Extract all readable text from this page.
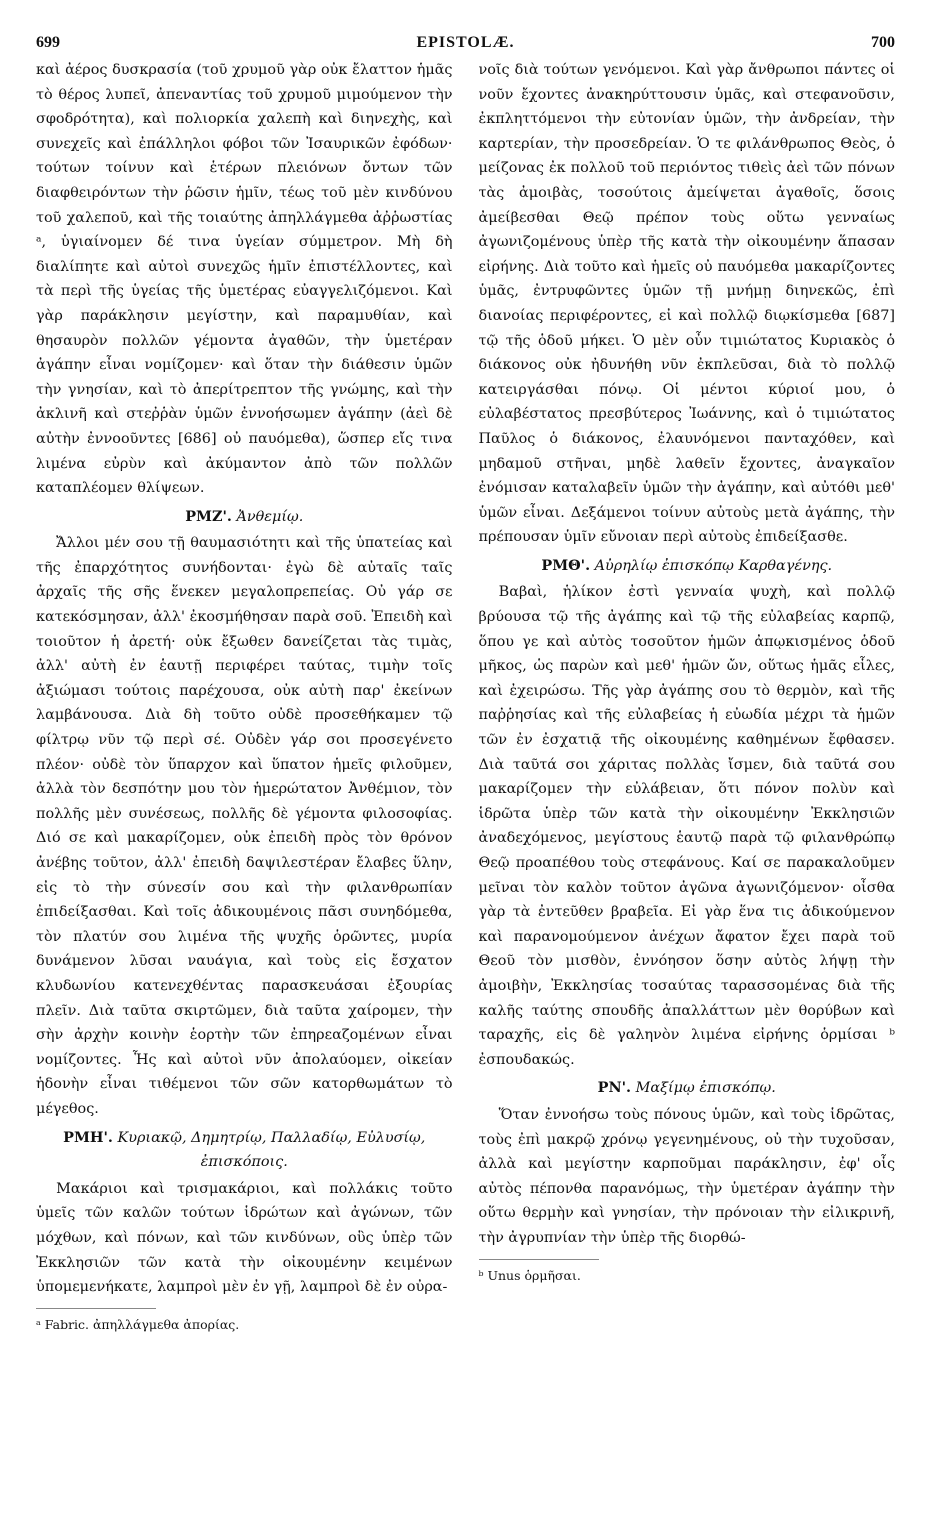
699	EPISTOLÆ.	700

καὶ ἀέρος δυσκρασία (τοῦ χρυμοῦ γὰρ οὐκ ἔλαττον ἡμᾶς τὸ θέρος λυπεῖ, ἀπεναντίας τοῦ χρυμοῦ μιμούμενον τὴν σφοδρότητα), καὶ πολιορκία χαλεπὴ καὶ διηνεχὴς, καὶ συνεχεῖς καὶ ἐπάλληλοι φόβοι τῶν Ἰσαυρικῶν ἐφόδων· τούτων τοίνυν καὶ ἑτέρων πλειόνων ὄντων τῶν διαφθειρόντων τὴν ῥῶσιν ἡμῖν, τέως τοῦ μὲν κινδύνου τοῦ χαλεποῦ, καὶ τῆς τοιαύτης ἀπηλλάγμεθα ἀῤῥωστίας ᵃ, ὑγιαίνομεν δέ τινα ὑγείαν σύμμετρον. Μὴ δὴ διαλίπητε καὶ αὐτοὶ συνεχῶς ἡμῖν ἐπιστέλλοντες, καὶ τὰ περὶ τῆς ὑγείας τῆς ὑμετέρας εὐαγγελιζόμενοι. Καὶ γὰρ παράκλησιν μεγίστην, καὶ παραμυθίαν, καὶ θησαυρὸν πολλῶν γέμοντα ἀγαθῶν, τὴν ὑμετέραν ἀγάπην εἶναι νομίζομεν· καὶ ὅταν τὴν διάθεσιν ὑμῶν τὴν γνησίαν, καὶ τὸ ἀπερίτρεπτον τῆς γνώμης, καὶ τὴν ἀκλινῆ καὶ στεῤῥὰν ὑμῶν ἐννοήσωμεν ἀγάπην (ἀεὶ δὲ αὐτὴν ἐννοοῦντες [686] οὐ παυόμεθα), ὥσπερ εἴς τινα λιμένα εὐρὺν καὶ ἀκύμαντον ἀπὸ τῶν πολλῶν καταπλέομεν θλίψεων.

ΡΜΖ'. Ἀνθεμίῳ.

Ἄλλοι μέν σου τῇ θαυμασιότητι καὶ τῆς ὑπατείας καὶ τῆς ἐπαρχότητος συνήδονται· ἐγὼ δὲ αὐταῖς ταῖς ἀρχαῖς τῆς σῆς ἕνεκεν μεγαλοπρεπείας. Οὐ γάρ σε κατεκόσμησαν, ἀλλ' ἐκοσμήθησαν παρὰ σοῦ. Ἐπειδὴ καὶ τοιοῦτον ἡ ἀρετή· οὐκ ἔξωθεν δανείζεται τὰς τιμὰς, ἀλλ' αὐτὴ ἐν ἑαυτῇ περιφέρει ταύτας, τιμὴν τοῖς ἀξιώμασι τούτοις παρέχουσα, οὐκ αὐτὴ παρ' ἐκείνων λαμβάνουσα. Διὰ δὴ τοῦτο οὐδὲ προσεθήκαμεν τῷ φίλτρῳ νῦν τῷ περὶ σέ. Οὐδὲν γάρ σοι προσεγένετο πλέον· οὐδὲ τὸν ὕπαρχον καὶ ὕπατον ἡμεῖς φιλοῦμεν, ἀλλὰ τὸν δεσπότην μου τὸν ἡμερώτατον Ἀνθέμιον, τὸν πολλῆς μὲν συνέσεως, πολλῆς δὲ γέμοντα φιλοσοφίας. Διό σε καὶ μακαρίζομεν, οὐκ ἐπειδὴ πρὸς τὸν θρόνον ἀνέβης τοῦτον, ἀλλ' ἐπειδὴ δαψιλεστέραν ἔλαβες ὕλην, εἰς τὸ τὴν σύνεσίν σου καὶ τὴν φιλανθρωπίαν ἐπιδείξασθαι. Καὶ τοῖς ἀδικουμένοις πᾶσι συνηδόμεθα, τὸν πλατύν σου λιμένα τῆς ψυχῆς ὁρῶντες, μυρία δυνάμενον λῦσαι ναυάγια, καὶ τοὺς εἰς ἔσχατον κλυδωνίου κατενεχθέντας παρασκευάσαι ἐξουρίας πλεῖν. Διὰ ταῦτα σκιρτῶμεν, διὰ ταῦτα χαίρομεν, τὴν σὴν ἀρχὴν κοινὴν ἑορτὴν τῶν ἐπηρεαζομένων εἶναι νομίζοντες. Ἧς καὶ αὐτοὶ νῦν ἀπολαύομεν, οἰκείαν ἡδονὴν εἶναι τιθέμενοι τῶν σῶν κατορθωμάτων τὸ μέγεθος.

ΡΜΗ'. Κυριακῷ, Δημητρίῳ, Παλλαδίῳ, Εὐλυσίῳ, ἐπισκόποις.

Μακάριοι καὶ τρισμακάριοι, καὶ πολλάκις τοῦτο ὑμεῖς τῶν καλῶν τούτων ἱδρώτων καὶ ἀγώνων, τῶν μόχθων, καὶ πόνων, καὶ τῶν κινδύνων, οὓς ὑπὲρ τῶν Ἐκκλησιῶν τῶν κατὰ τὴν οἰκουμένην κειμένων ὑπομεμενήκατε, λαμπροὶ μὲν ἐν γῇ, λαμπροὶ δὲ ἐν οὐρα-

ᵃ Fabric. ἀπηλλάγμεθα ἀπορίας.

νοῖς διὰ τούτων γενόμενοι. Καὶ γὰρ ἄνθρωποι πάντες οἱ νοῦν ἔχοντες ἀνακηρύττουσιν ὑμᾶς, καὶ στεφανοῦσιν, ἐκπληττόμενοι τὴν εὐτονίαν ὑμῶν, τὴν ἀνδρείαν, τὴν καρτερίαν, τὴν προσεδρείαν. Ὁ τε φιλάνθρωπος Θεὸς, ὁ μείζονας ἐκ πολλοῦ τοῦ περιόντος τιθεὶς ἀεὶ τῶν πόνων τὰς ἀμοιβὰς, τοσούτοις ἀμείψεται ἀγαθοῖς, ὅσοις ἀμείβεσθαι Θεῷ πρέπον τοὺς οὕτω γενναίως ἀγωνιζομένους ὑπὲρ τῆς κατὰ τὴν οἰκουμένην ἅπασαν εἰρήνης. Διὰ τοῦτο καὶ ἡμεῖς οὐ παυόμεθα μακαρίζοντες ὑμᾶς, ἐντρυφῶντες ὑμῶν τῇ μνήμῃ διηνεκῶς, ἐπὶ διανοίας περιφέροντες, εἰ καὶ πολλῷ διῳκίσμεθα [687] τῷ τῆς ὁδοῦ μήκει. Ὁ μὲν οὖν τιμιώτατος Κυριακὸς ὁ διάκονος οὐκ ἠδυνήθη νῦν ἐκπλεῦσαι, διὰ τὸ πολλῷ κατειργάσθαι πόνῳ. Οἱ μέντοι κύριοί μου, ὁ εὐλαβέστατος πρεσβύτερος Ἰωάννης, καὶ ὁ τιμιώτατος Παῦλος ὁ διάκονος, ἐλαυνόμενοι πανταχόθεν, καὶ μηδαμοῦ στῆναι, μηδὲ λαθεῖν ἔχοντες, ἀναγκαῖον ἐνόμισαν καταλαβεῖν ὑμῶν τὴν ἀγάπην, καὶ αὐτόθι μεθ' ὑμῶν εἶναι. Δεξάμενοι τοίνυν αὐτοὺς μετὰ ἀγάπης, τὴν πρέπουσαν ὑμῖν εὔνοιαν περὶ αὐτοὺς ἐπιδείξασθε.

ΡΜΘ'. Αὐρηλίῳ ἐπισκόπῳ Καρθαγένης.

Βαβαὶ, ἡλίκον ἐστὶ γενναία ψυχὴ, καὶ πολλῷ βρύουσα τῷ τῆς ἀγάπης καὶ τῷ τῆς εὐλαβείας καρπῷ, ὅπου γε καὶ αὐτὸς τοσοῦτον ἡμῶν ἀπῳκισμένος ὁδοῦ μῆκος, ὡς παρὼν καὶ μεθ' ἡμῶν ὤν, οὕτως ἡμᾶς εἷλες, καὶ ἐχειρώσω. Τῆς γὰρ ἀγάπης σου τὸ θερμὸν, καὶ τῆς παῤῥησίας καὶ τῆς εὐλαβείας ἡ εὐωδία μέχρι τὰ ἡμῶν τῶν ἐν ἐσχατιᾷ τῆς οἰκουμένης καθημένων ἔφθασεν. Διὰ ταῦτά σοι χάριτας πολλὰς ἴσμεν, διὰ ταῦτά σου μακαρίζομεν τὴν εὐλάβειαν, ὅτι πόνον πολὺν καὶ ἱδρῶτα ὑπὲρ τῶν κατὰ τὴν οἰκουμένην Ἐκκλησιῶν ἀναδεχόμενος, μεγίστους ἑαυτῷ παρὰ τῷ φιλανθρώπῳ Θεῷ προαπέθου τοὺς στεφάνους. Καί σε παρακαλοῦμεν μεῖναι τὸν καλὸν τοῦτον ἀγῶνα ἀγωνιζόμενον· οἶσθα γὰρ τὰ ἐντεῦθεν βραβεῖα. Εἰ γὰρ ἕνα τις ἀδικούμενον καὶ παρανομούμενον ἀνέχων ἄφατον ἔχει παρὰ τοῦ Θεοῦ τὸν μισθὸν, ἐννόησον ὅσην αὐτὸς λήψῃ τὴν ἀμοιβὴν, Ἐκκλησίας τοσαύτας ταρασσομένας διὰ τῆς καλῆς ταύτης σπουδῆς ἀπαλλάττων μὲν θορύβων καὶ ταραχῆς, εἰς δὲ γαληνὸν λιμένα εἰρήνης ὁρμίσαι ᵇ ἐσπουδακώς.

ΡΝ'. Μαξίμῳ ἐπισκόπῳ.

Ὅταν ἐννοήσω τοὺς πόνους ὑμῶν, καὶ τοὺς ἱδρῶτας, τοὺς ἐπὶ μακρῷ χρόνῳ γεγενημένους, οὐ τὴν τυχοῦσαν, ἀλλὰ καὶ μεγίστην καρποῦμαι παράκλησιν, ἐφ' οἷς αὐτὸς πέπονθα παρανόμως, τὴν ὑμετέραν ἀγάπην τὴν οὕτω θερμὴν καὶ γνησίαν, τὴν πρόνοιαν τὴν εἰλικρινῆ, τὴν ἀγρυπνίαν τὴν ὑπὲρ τῆς διορθώ-

ᵇ Unus ὁρμῆσαι.
